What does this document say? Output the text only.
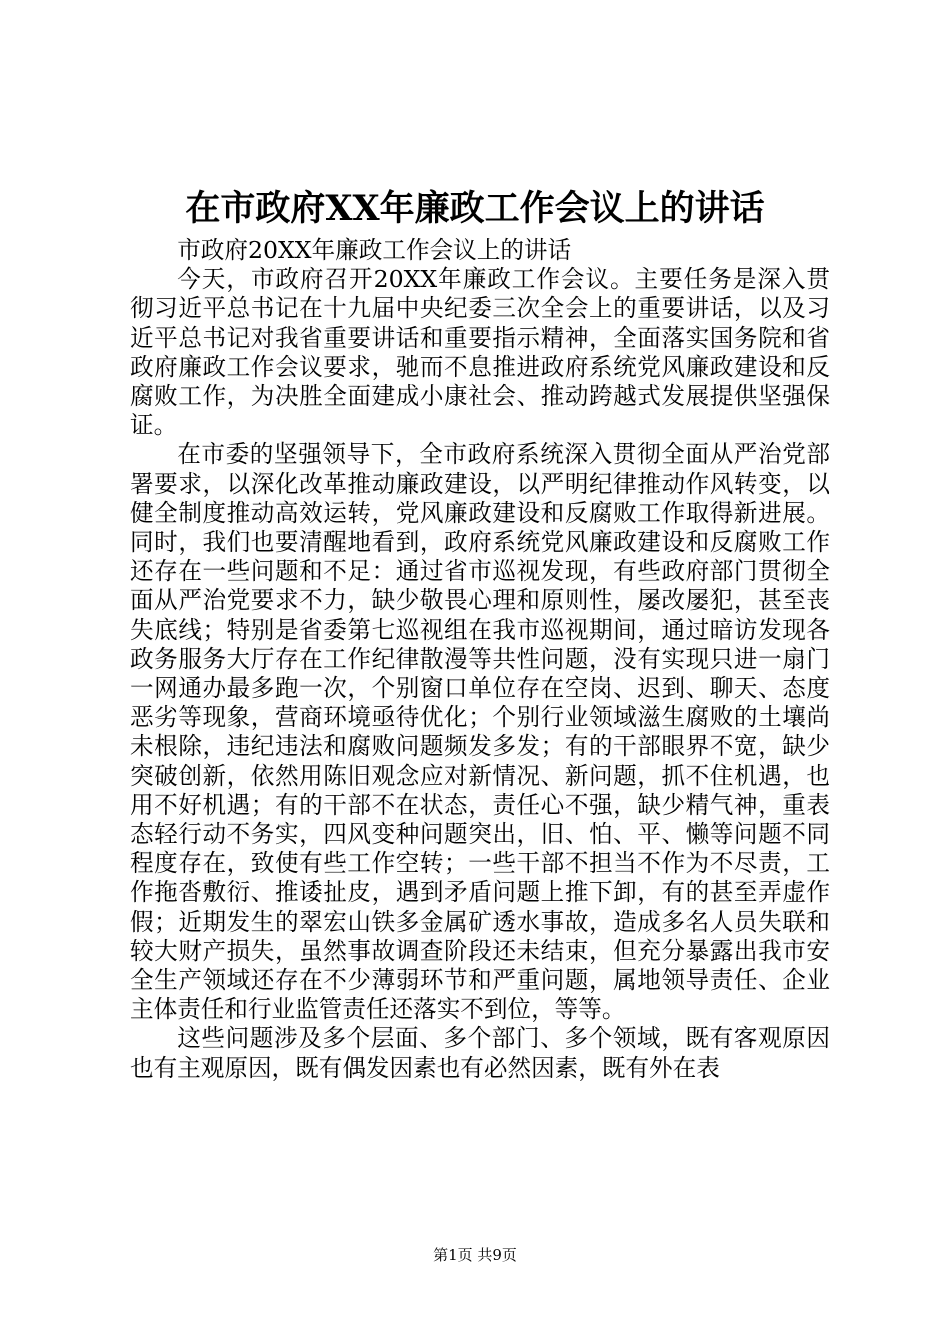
在市政府XX年廉政工作会议上的讲话

市政府20XX年廉政工作会议上的讲话

今天，市政府召开20XX年廉政工作会议。主要任务是深入贯彻习近平总书记在十九届中央纪委三次全会上的重要讲话，以及习近平总书记对我省重要讲话和重要指示精神，全面落实国务院和省政府廉政工作会议要求，驰而不息推进政府系统党风廉政建设和反腐败工作，为决胜全面建成小康社会、推动跨越式发展提供坚强保证。

在市委的坚强领导下，全市政府系统深入贯彻全面从严治党部署要求，以深化改革推动廉政建设，以严明纪律推动作风转变，以健全制度推动高效运转，党风廉政建设和反腐败工作取得新进展。同时，我们也要清醒地看到，政府系统党风廉政建设和反腐败工作还存在一些问题和不足：通过省市巡视发现，有些政府部门贯彻全面从严治党要求不力，缺少敬畏心理和原则性，屡改屡犯，甚至丧失底线；特别是省委第七巡视组在我市巡视期间，通过暗访发现各政务服务大厅存在工作纪律散漫等共性问题，没有实现只进一扇门一网通办最多跑一次，个别窗口单位存在空岗、迟到、聊天、态度恶劣等现象，营商环境亟待优化；个别行业领域滋生腐败的土壤尚未根除，违纪违法和腐败问题频发多发；有的干部眼界不宽，缺少突破创新，依然用陈旧观念应对新情况、新问题，抓不住机遇，也用不好机遇；有的干部不在状态，责任心不强，缺少精气神，重表态轻行动不务实，四风变种问题突出，旧、怕、平、懒等问题不同程度存在，致使有些工作空转；一些干部不担当不作为不尽责，工作拖沓敷衍、推诿扯皮，遇到矛盾问题上推下卸，有的甚至弄虚作假；近期发生的翠宏山铁多金属矿透水事故，造成多名人员失联和较大财产损失，虽然事故调查阶段还未结束，但充分暴露出我市安全生产领域还存在不少薄弱环节和严重问题，属地领导责任、企业主体责任和行业监管责任还落实不到位，等等。

这些问题涉及多个层面、多个部门、多个领域，既有客观原因也有主观原因，既有偶发因素也有必然因素，既有外在表

第1页 共9页
